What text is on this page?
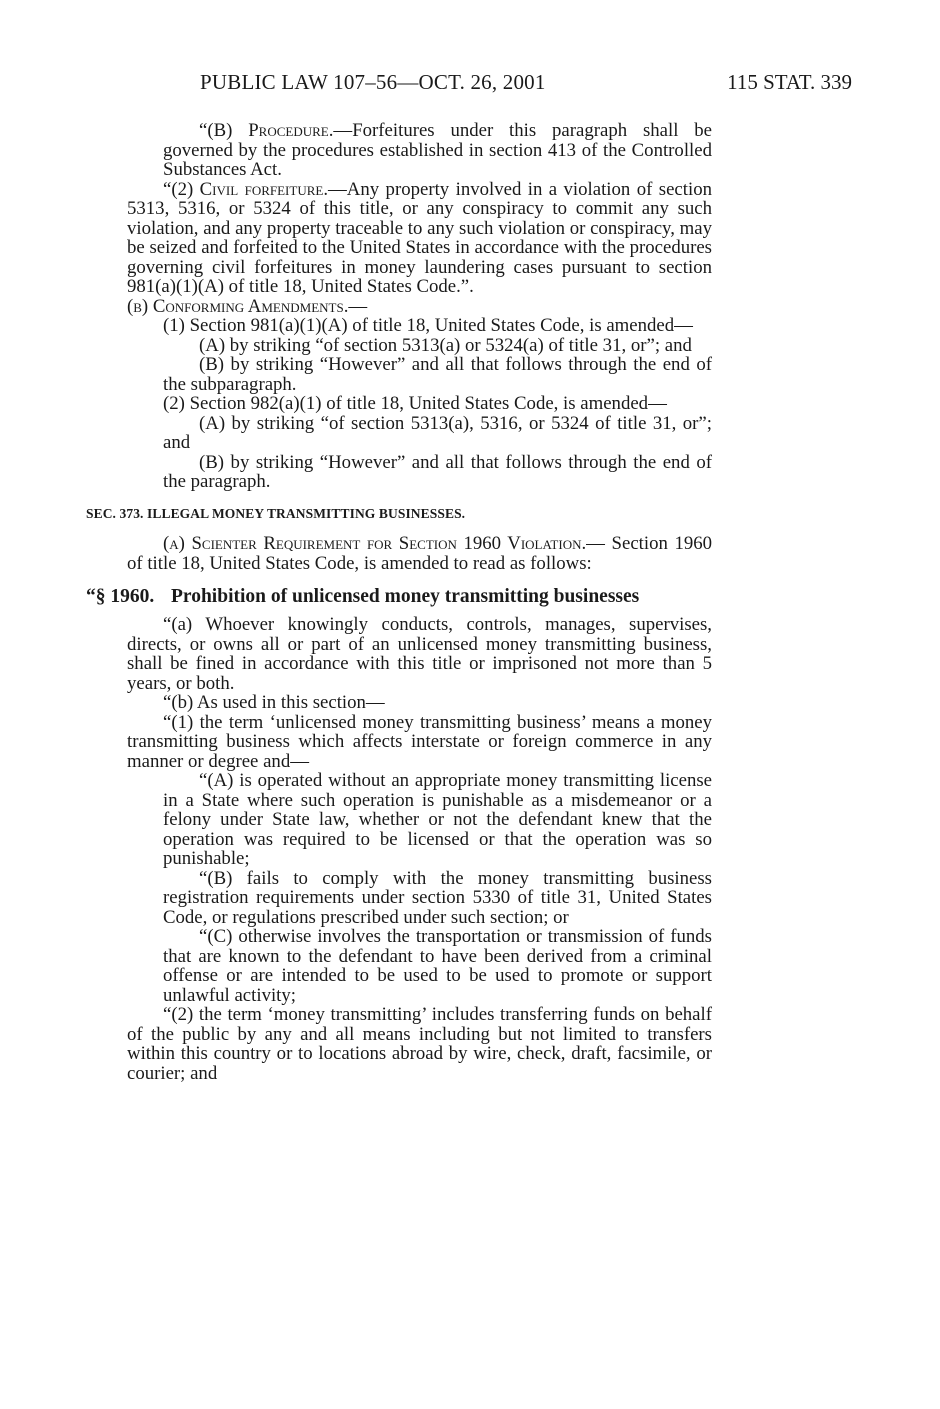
PUBLIC LAW 107–56—OCT. 26, 2001	115 STAT. 339

“(B) Procedure.—Forfeitures under this paragraph shall be governed by the procedures established in section 413 of the Controlled Substances Act.

“(2) Civil forfeiture.—Any property involved in a violation of section 5313, 5316, or 5324 of this title, or any conspiracy to commit any such violation, and any property traceable to any such violation or conspiracy, may be seized and forfeited to the United States in accordance with the procedures governing civil forfeitures in money laundering cases pursuant to section 981(a)(1)(A) of title 18, United States Code.”.

(b) Conforming Amendments.—

(1) Section 981(a)(1)(A) of title 18, United States Code, is amended—

(A) by striking “of section 5313(a) or 5324(a) of title 31, or”; and

(B) by striking “However” and all that follows through the end of the subparagraph.

(2) Section 982(a)(1) of title 18, United States Code, is amended—

(A) by striking “of section 5313(a), 5316, or 5324 of title 31, or”; and

(B) by striking “However” and all that follows through the end of the paragraph.

SEC. 373. ILLEGAL MONEY TRANSMITTING BUSINESSES.

(a) Scienter Requirement for Section 1960 Violation.— Section 1960 of title 18, United States Code, is amended to read as follows:

“§ 1960. Prohibition of unlicensed money transmitting businesses

“(a) Whoever knowingly conducts, controls, manages, supervises, directs, or owns all or part of an unlicensed money transmitting business, shall be fined in accordance with this title or imprisoned not more than 5 years, or both.

“(b) As used in this section—

“(1) the term ‘unlicensed money transmitting business’ means a money transmitting business which affects interstate or foreign commerce in any manner or degree and—

“(A) is operated without an appropriate money transmitting license in a State where such operation is punishable as a misdemeanor or a felony under State law, whether or not the defendant knew that the operation was required to be licensed or that the operation was so punishable;

“(B) fails to comply with the money transmitting business registration requirements under section 5330 of title 31, United States Code, or regulations prescribed under such section; or

“(C) otherwise involves the transportation or transmission of funds that are known to the defendant to have been derived from a criminal offense or are intended to be used to be used to promote or support unlawful activity;

“(2) the term ‘money transmitting’ includes transferring funds on behalf of the public by any and all means including but not limited to transfers within this country or to locations abroad by wire, check, draft, facsimile, or courier; and
